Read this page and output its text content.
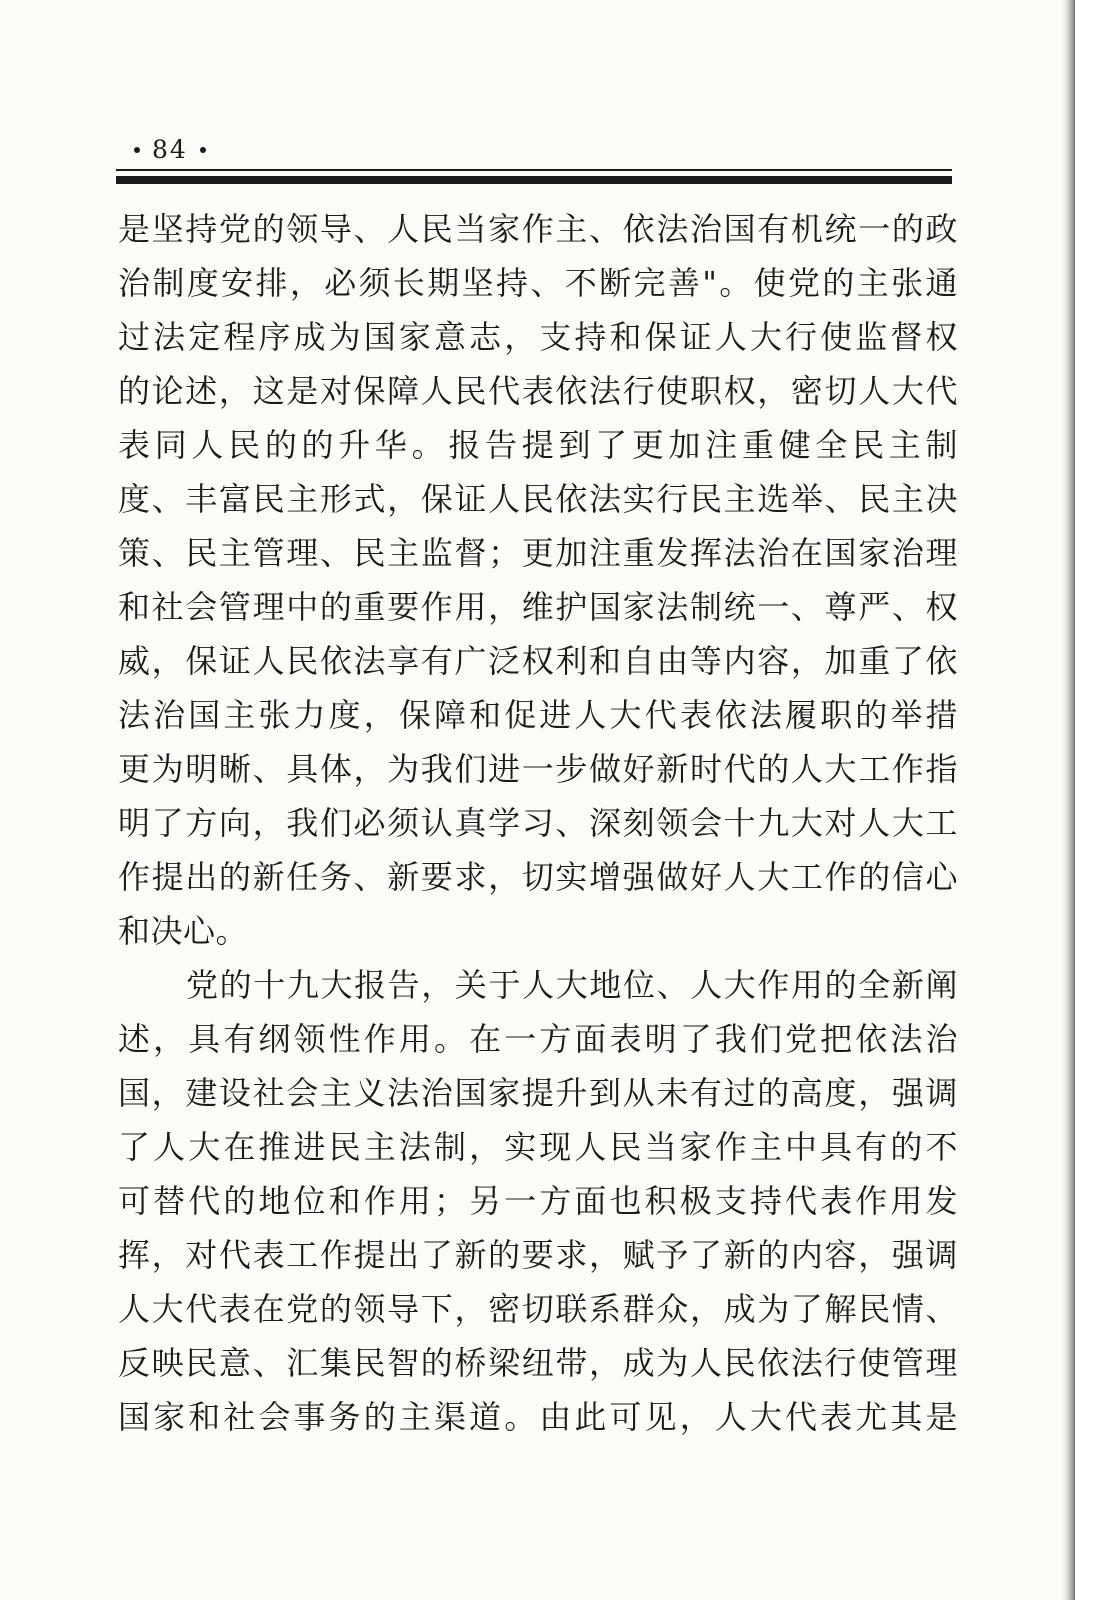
84
是坚持党的领导、人民当家作主、依法治国有机统一的政
治制度安排，必须长期坚持、不断完善"。使党的主张通
过法定程序成为国家意志，支持和保证人大行使监督权
的论述，这是对保障人民代表依法行使职权，密切人大代
表同人民的的升华。报告提到了更加注重健全民主制
度、丰富民主形式，保证人民依法实行民主选举、民主决
策、民主管理、民主监督；更加注重发挥法治在国家治理
和社会管理中的重要作用，维护国家法制统一、尊严、权
威，保证人民依法享有广泛权利和自由等内容，加重了依
法治国主张力度，保障和促进人大代表依法履职的举措
更为明晰、具体，为我们进一步做好新时代的人大工作指
明了方向，我们必须认真学习、深刻领会十九大对人大工
作提出的新任务、新要求，切实增强做好人大工作的信心
和决心。
党的十九大报告，关于人大地位、人大作用的全新阐
述，具有纲领性作用。在一方面表明了我们党把依法治
国，建设社会主义法治国家提升到从未有过的高度，强调
了人大在推进民主法制，实现人民当家作主中具有的不
可替代的地位和作用；另一方面也积极支持代表作用发
挥，对代表工作提出了新的要求，赋予了新的内容，强调
人大代表在党的领导下，密切联系群众，成为了解民情、
反映民意、汇集民智的桥梁纽带，成为人民依法行使管理
国家和社会事务的主渠道。由此可见，人大代表尤其是
